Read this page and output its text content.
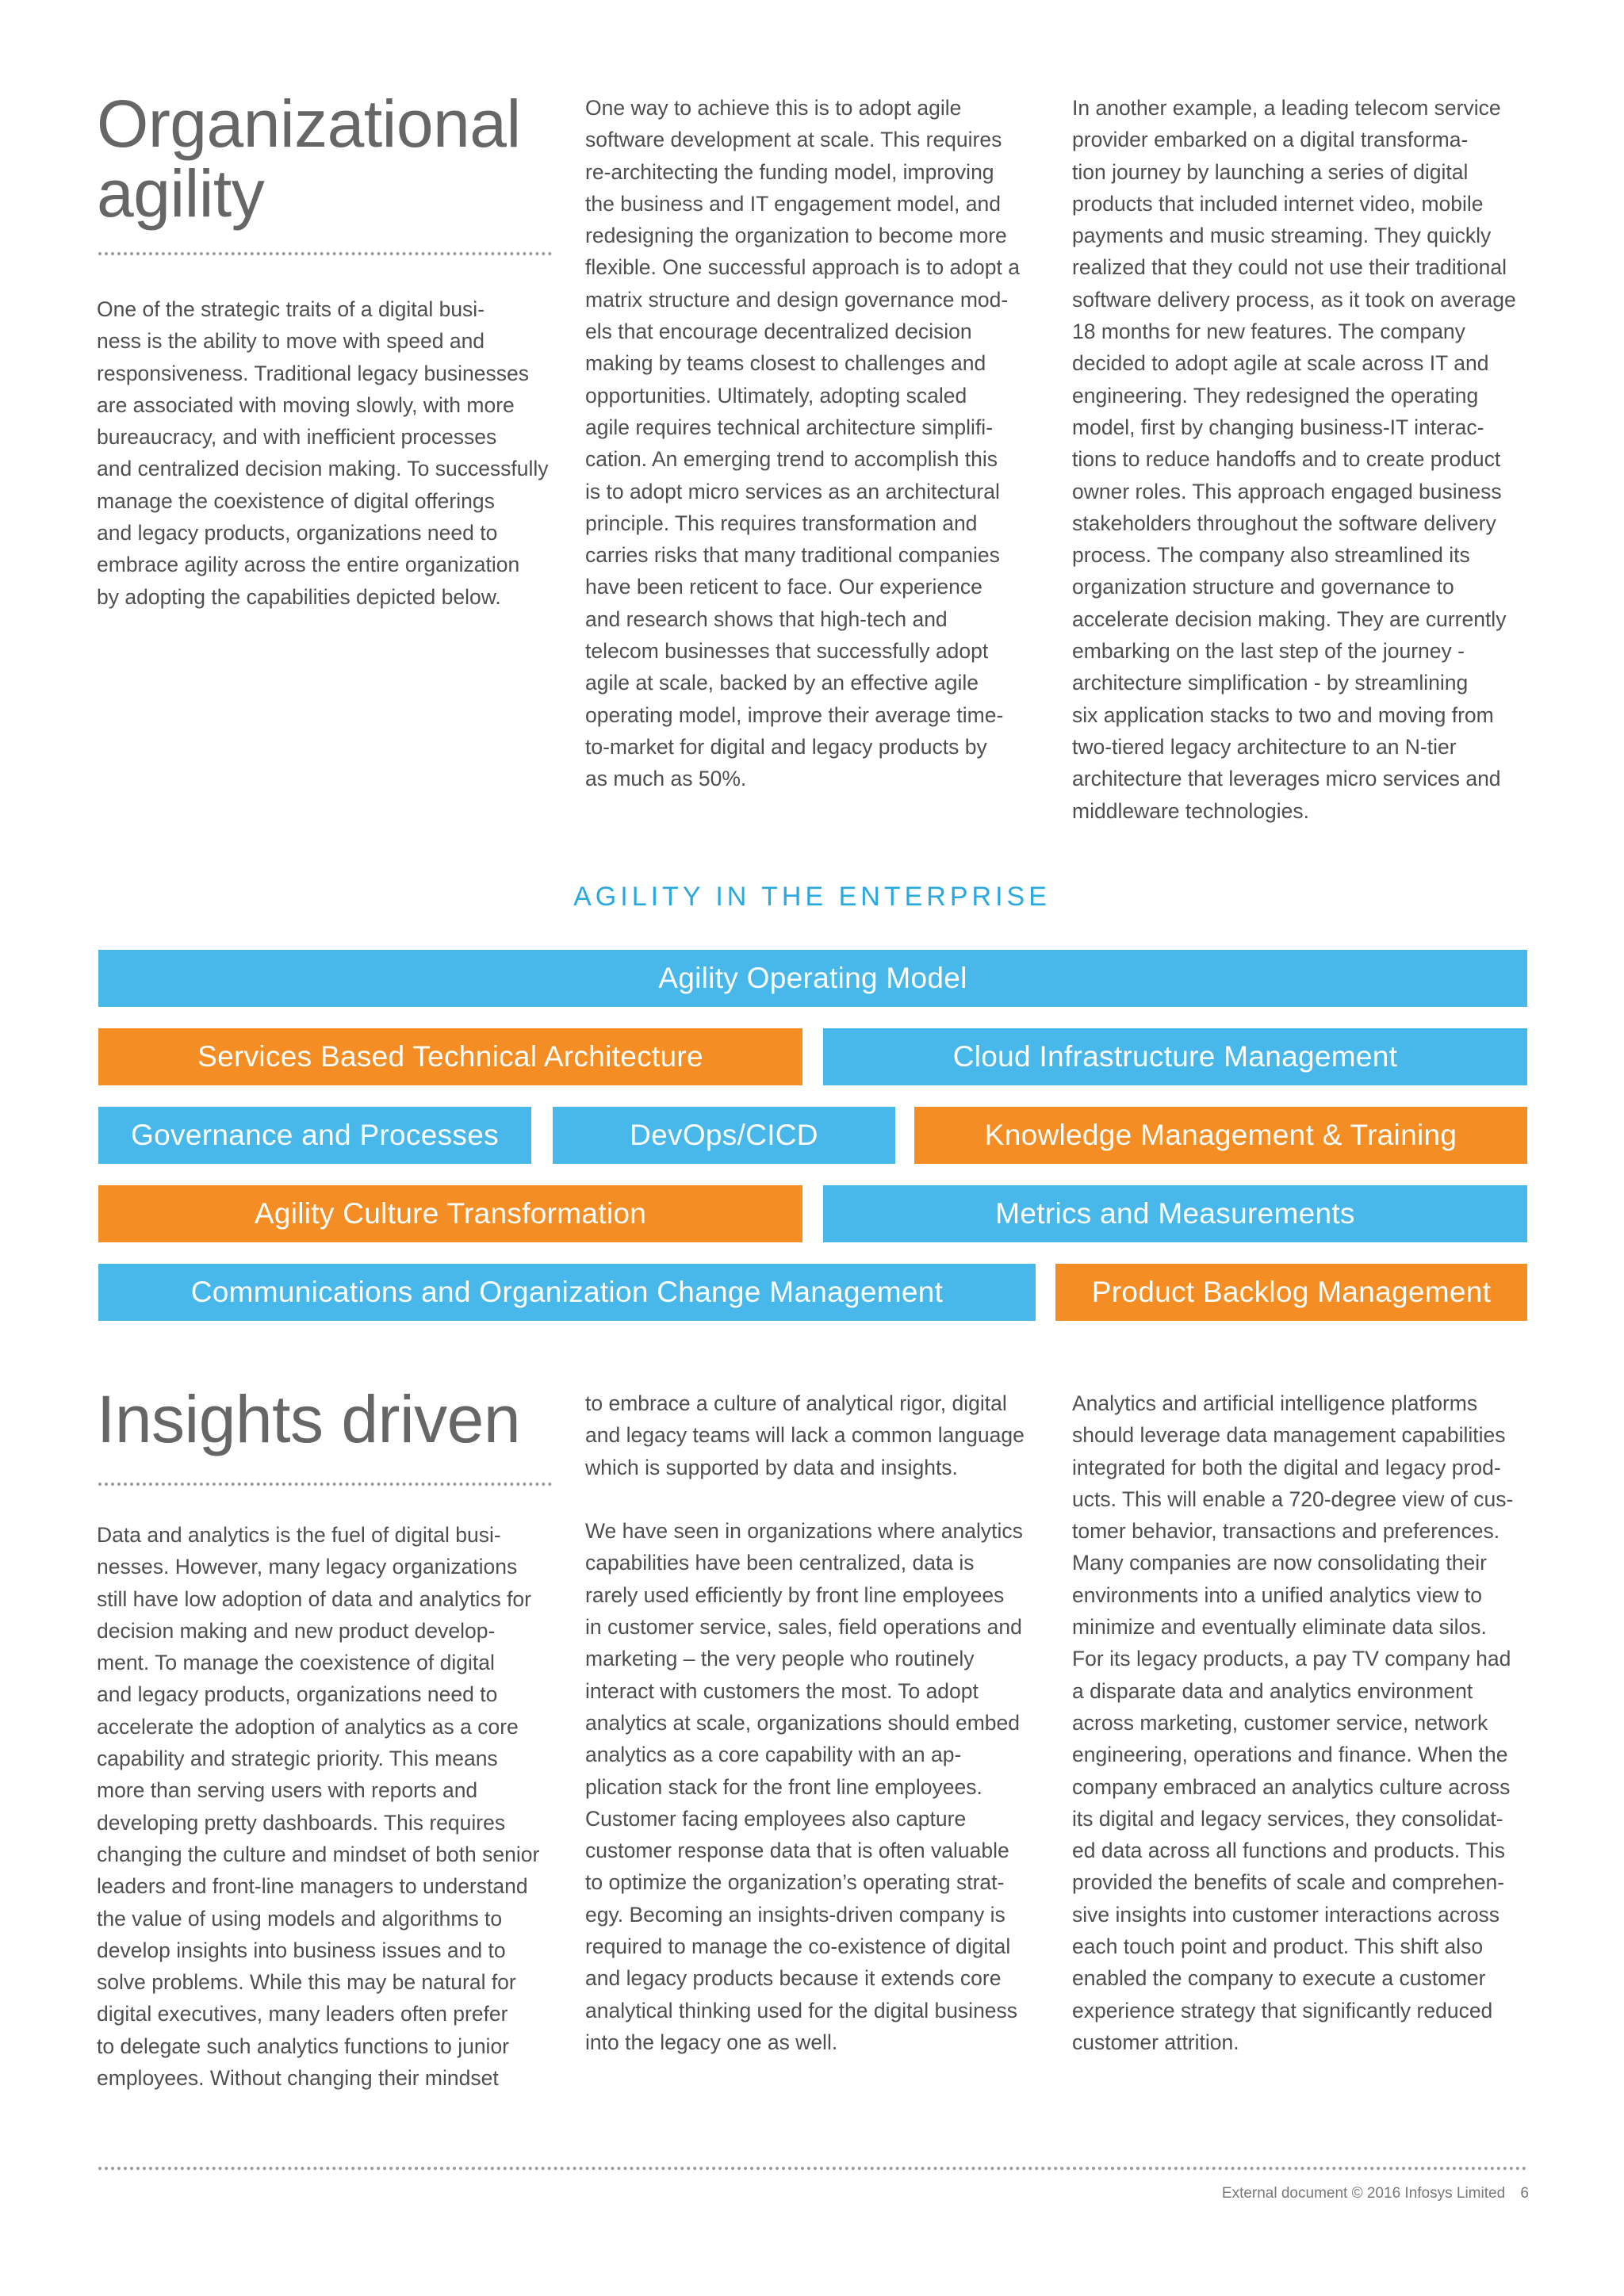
Organizational
agility
One of the strategic traits of a digital busi-
ness is the ability to move with speed and
responsiveness. Traditional legacy businesses
are associated with moving slowly, with more
bureaucracy, and with inefficient processes
and centralized decision making. To successfully
manage the coexistence of digital offerings
and legacy products, organizations need to
embrace agility across the entire organization
by adopting the capabilities depicted below.
One way to achieve this is to adopt agile
software development at scale. This requires
re-architecting the funding model, improving
the business and IT engagement model, and
redesigning the organization to become more
flexible. One successful approach is to adopt a
matrix structure and design governance mod-
els that encourage decentralized decision
making by teams closest to challenges and
opportunities. Ultimately, adopting scaled
agile requires technical architecture simplifi-
cation. An emerging trend to accomplish this
is to adopt micro services as an architectural
principle. This requires transformation and
carries risks that many traditional companies
have been reticent to face. Our experience
and research shows that high-tech and
telecom businesses that successfully adopt
agile at scale, backed by an effective agile
operating model, improve their average time-
to-market for digital and legacy products by
as much as 50%.
In another example, a leading telecom service
provider embarked on a digital transforma-
tion journey by launching a series of digital
products that included internet video, mobile
payments and music streaming. They quickly
realized that they could not use their traditional
software delivery process, as it took on average
18 months for new features. The company
decided to adopt agile at scale across IT and
engineering. They redesigned the operating
model, first by changing business-IT interac-
tions to reduce handoffs and to create product
owner roles. This approach engaged business
stakeholders throughout the software delivery
process. The company also streamlined its
organization structure and governance to
accelerate decision making. They are currently
embarking on the last step of the journey -
architecture simplification - by streamlining
six application stacks to two and moving from
two-tiered legacy architecture to an N-tier
architecture that leverages micro services and
middleware technologies.
AGILITY IN THE ENTERPRISE
Agility Operating Model
Services Based Technical Architecture	Cloud Infrastructure Management
Governance and Processes	DevOps/CICD	Knowledge Management & Training
Agility Culture Transformation	Metrics and Measurements
Communications and Organization Change Management	Product Backlog Management
Insights driven
Data and analytics is the fuel of digital busi-
nesses. However, many legacy organizations
still have low adoption of data and analytics for
decision making and new product develop-
ment. To manage the coexistence of digital
and legacy products, organizations need to
accelerate the adoption of analytics as a core
capability and strategic priority. This means
more than serving users with reports and
developing pretty dashboards. This requires
changing the culture and mindset of both senior
leaders and front-line managers to understand
the value of using models and algorithms to
develop insights into business issues and to
solve problems. While this may be natural for
digital executives, many leaders often prefer
to delegate such analytics functions to junior
employees. Without changing their mindset
to embrace a culture of analytical rigor, digital
and legacy teams will lack a common language
which is supported by data and insights.

We have seen in organizations where analytics
capabilities have been centralized, data is
rarely used efficiently by front line employees
in customer service, sales, field operations and
marketing – the very people who routinely
interact with customers the most. To adopt
analytics at scale, organizations should embed
analytics as a core capability with an ap-
plication stack for the front line employees.
Customer facing employees also capture
customer response data that is often valuable
to optimize the organization’s operating strat-
egy. Becoming an insights-driven company is
required to manage the co-existence of digital
and legacy products because it extends core
analytical thinking used for the digital business
into the legacy one as well.
Analytics and artificial intelligence platforms
should leverage data management capabilities
integrated for both the digital and legacy prod-
ucts. This will enable a 720-degree view of cus-
tomer behavior, transactions and preferences.
Many companies are now consolidating their
environments into a unified analytics view to
minimize and eventually eliminate data silos.
For its legacy products, a pay TV company had
a disparate data and analytics environment
across marketing, customer service, network
engineering, operations and finance. When the
company embraced an analytics culture across
its digital and legacy services, they consolidat-
ed data across all functions and products. This
provided the benefits of scale and comprehen-
sive insights into customer interactions across
each touch point and product. This shift also
enabled the company to execute a customer
experience strategy that significantly reduced
customer attrition.
External document © 2016 Infosys Limited 6
